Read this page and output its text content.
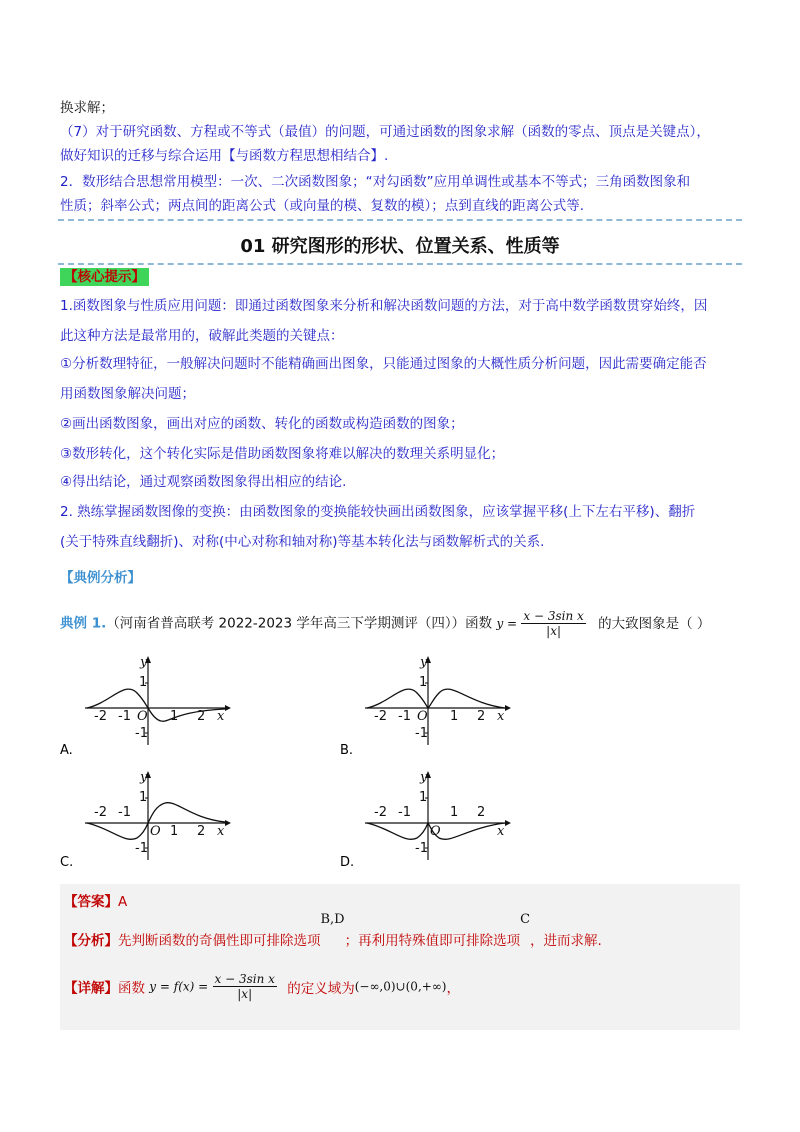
换求解；
（7）对于研究函数、方程或不等式（最值）的问题，可通过函数的图象求解（函数的零点、顶点是关键点），
做好知识的迁移与综合运用【与函数方程思想相结合】.
2．数形结合思想常用模型：一次、二次函数图象；“对勾函数”应用单调性或基本不等式；三角函数图象和
性质；斜率公式；两点间的距离公式（或向量的模、复数的模）；点到直线的距离公式等.
01 研究图形的形状、位置关系、性质等
【核心提示】
1.函数图象与性质应用问题：即通过函数图象来分析和解决函数问题的方法，对于高中数学函数贯穿始终，因
此这种方法是最常用的，破解此类题的关键点：
①分析数理特征，一般解决问题时不能精确画出图象，只能通过图象的大概性质分析问题，因此需要确定能否
用函数图象解决问题；
②画出函数图象，画出对应的函数、转化的函数或构造函数的图象；
③数形转化，这个转化实际是借助函数图象将难以解决的数理关系明显化；
④得出结论，通过观察函数图象得出相应的结论.
2. 熟练掌握函数图像的变换：由函数图象的变换能较快画出函数图象，应该掌握平移(上下左右平移)、翻折
(关于特殊直线翻折)、对称(中心对称和轴对称)等基本转化法与函数解析式的关系.
【典例分析】
典例 1.（河南省普高联考 2022-2023 学年高三下学期测评（四））函数 $y = \frac{\text{x − 3sin x}}{|x|}$ 的大致图象是（ ）
y
1
-1
-2 -1 O 1 2 x
A.
y
1
-1
-2 -1 O 1 2 x
B.
y
1
-1
-2 -1
O 1 2 x
C.
y
1
-1
-2 -1
O
1 2
x
D.
【答案】A
【分析】先判断函数的奇偶性即可排除选项B,D；再利用特殊值即可排除选项C，进而求解.
【详解】函数 $y = f(x) = \frac{\text{x − 3sin x}}{|x|}$ 的定义域为(−∞,0)∪(0,+∞)，
